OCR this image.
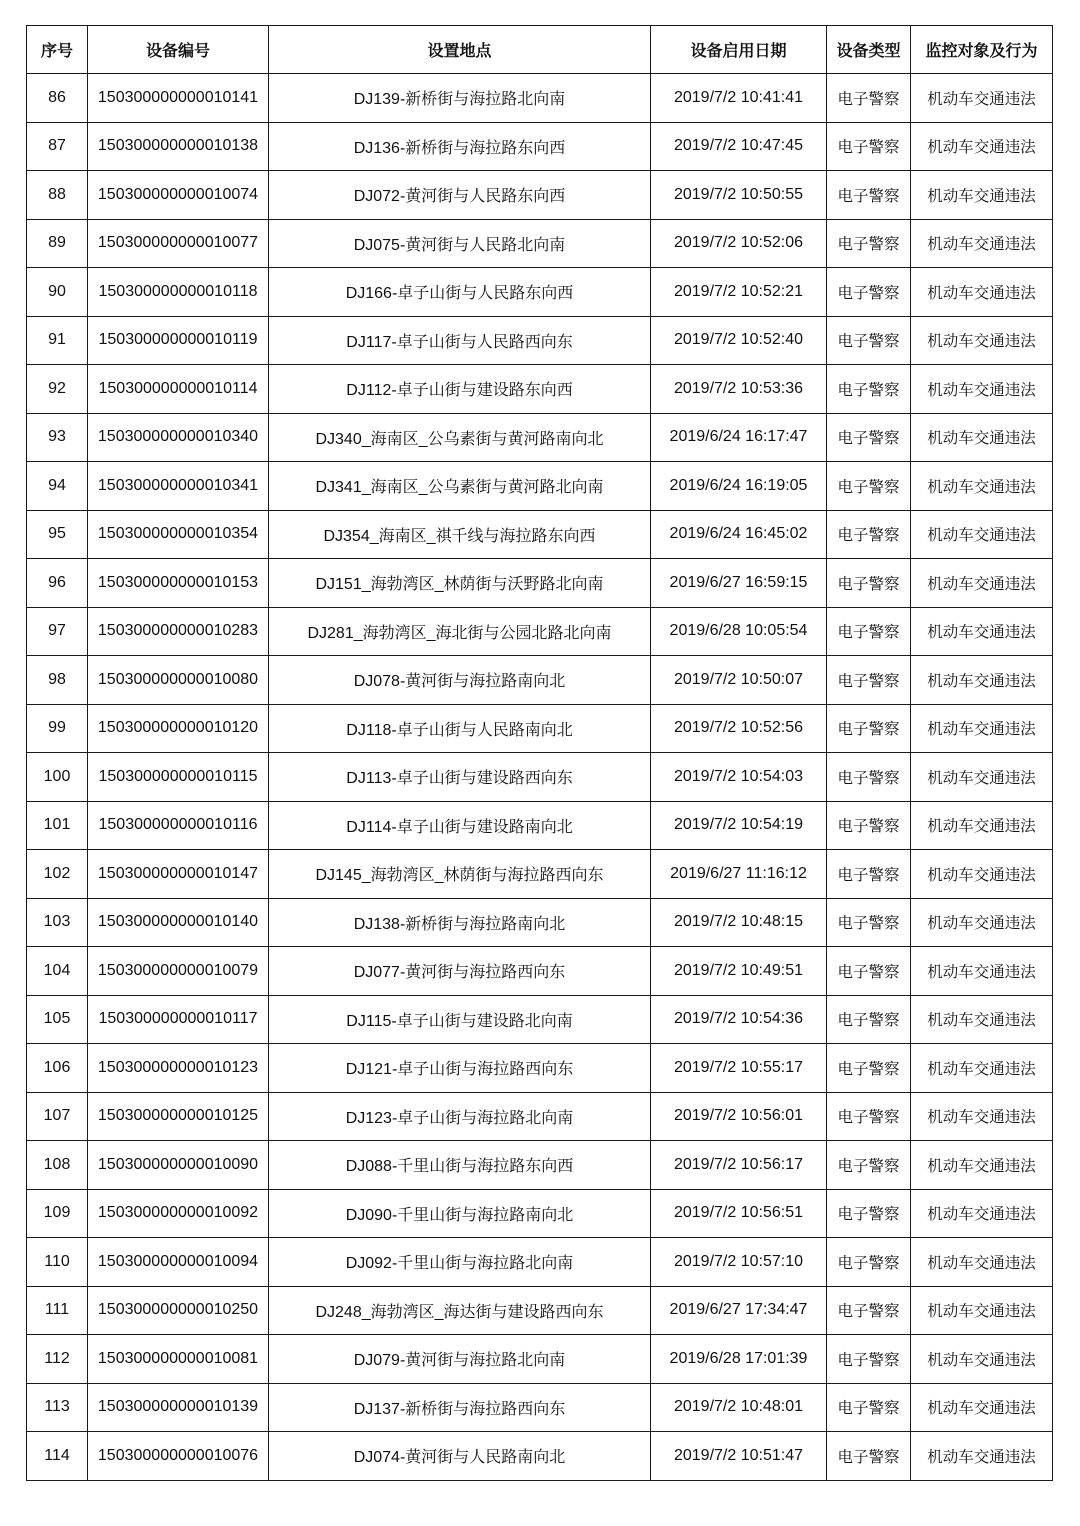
序号	设备编号	设置地点	设备启用日期	设备类型	监控对象及行为
86	150300000000010141	DJ139-新桥街与海拉路北向南	2019/7/2 10:41:41	电子警察	机动车交通违法
87	150300000000010138	DJ136-新桥街与海拉路东向西	2019/7/2 10:47:45	电子警察	机动车交通违法
88	150300000000010074	DJ072-黄河街与人民路东向西	2019/7/2 10:50:55	电子警察	机动车交通违法
89	150300000000010077	DJ075-黄河街与人民路北向南	2019/7/2 10:52:06	电子警察	机动车交通违法
90	150300000000010118	DJ166-卓子山街与人民路东向西	2019/7/2 10:52:21	电子警察	机动车交通违法
91	150300000000010119	DJ117-卓子山街与人民路西向东	2019/7/2 10:52:40	电子警察	机动车交通违法
92	150300000000010114	DJ112-卓子山街与建设路东向西	2019/7/2 10:53:36	电子警察	机动车交通违法
93	150300000000010340	DJ340_海南区_公乌素街与黄河路南向北	2019/6/24 16:17:47	电子警察	机动车交通违法
94	150300000000010341	DJ341_海南区_公乌素街与黄河路北向南	2019/6/24 16:19:05	电子警察	机动车交通违法
95	150300000000010354	DJ354_海南区_祺千线与海拉路东向西	2019/6/24 16:45:02	电子警察	机动车交通违法
96	150300000000010153	DJ151_海勃湾区_林荫街与沃野路北向南	2019/6/27 16:59:15	电子警察	机动车交通违法
97	150300000000010283	DJ281_海勃湾区_海北街与公园北路北向南	2019/6/28 10:05:54	电子警察	机动车交通违法
98	150300000000010080	DJ078-黄河街与海拉路南向北	2019/7/2 10:50:07	电子警察	机动车交通违法
99	150300000000010120	DJ118-卓子山街与人民路南向北	2019/7/2 10:52:56	电子警察	机动车交通违法
100	150300000000010115	DJ113-卓子山街与建设路西向东	2019/7/2 10:54:03	电子警察	机动车交通违法
101	150300000000010116	DJ114-卓子山街与建设路南向北	2019/7/2 10:54:19	电子警察	机动车交通违法
102	150300000000010147	DJ145_海勃湾区_林荫街与海拉路西向东	2019/6/27 11:16:12	电子警察	机动车交通违法
103	150300000000010140	DJ138-新桥街与海拉路南向北	2019/7/2 10:48:15	电子警察	机动车交通违法
104	150300000000010079	DJ077-黄河街与海拉路西向东	2019/7/2 10:49:51	电子警察	机动车交通违法
105	150300000000010117	DJ115-卓子山街与建设路北向南	2019/7/2 10:54:36	电子警察	机动车交通违法
106	150300000000010123	DJ121-卓子山街与海拉路西向东	2019/7/2 10:55:17	电子警察	机动车交通违法
107	150300000000010125	DJ123-卓子山街与海拉路北向南	2019/7/2 10:56:01	电子警察	机动车交通违法
108	150300000000010090	DJ088-千里山街与海拉路东向西	2019/7/2 10:56:17	电子警察	机动车交通违法
109	150300000000010092	DJ090-千里山街与海拉路南向北	2019/7/2 10:56:51	电子警察	机动车交通违法
110	150300000000010094	DJ092-千里山街与海拉路北向南	2019/7/2 10:57:10	电子警察	机动车交通违法
111	150300000000010250	DJ248_海勃湾区_海达街与建设路西向东	2019/6/27 17:34:47	电子警察	机动车交通违法
112	150300000000010081	DJ079-黄河街与海拉路北向南	2019/6/28 17:01:39	电子警察	机动车交通违法
113	150300000000010139	DJ137-新桥街与海拉路西向东	2019/7/2 10:48:01	电子警察	机动车交通违法
114	150300000000010076	DJ074-黄河街与人民路南向北	2019/7/2 10:51:47	电子警察	机动车交通违法
